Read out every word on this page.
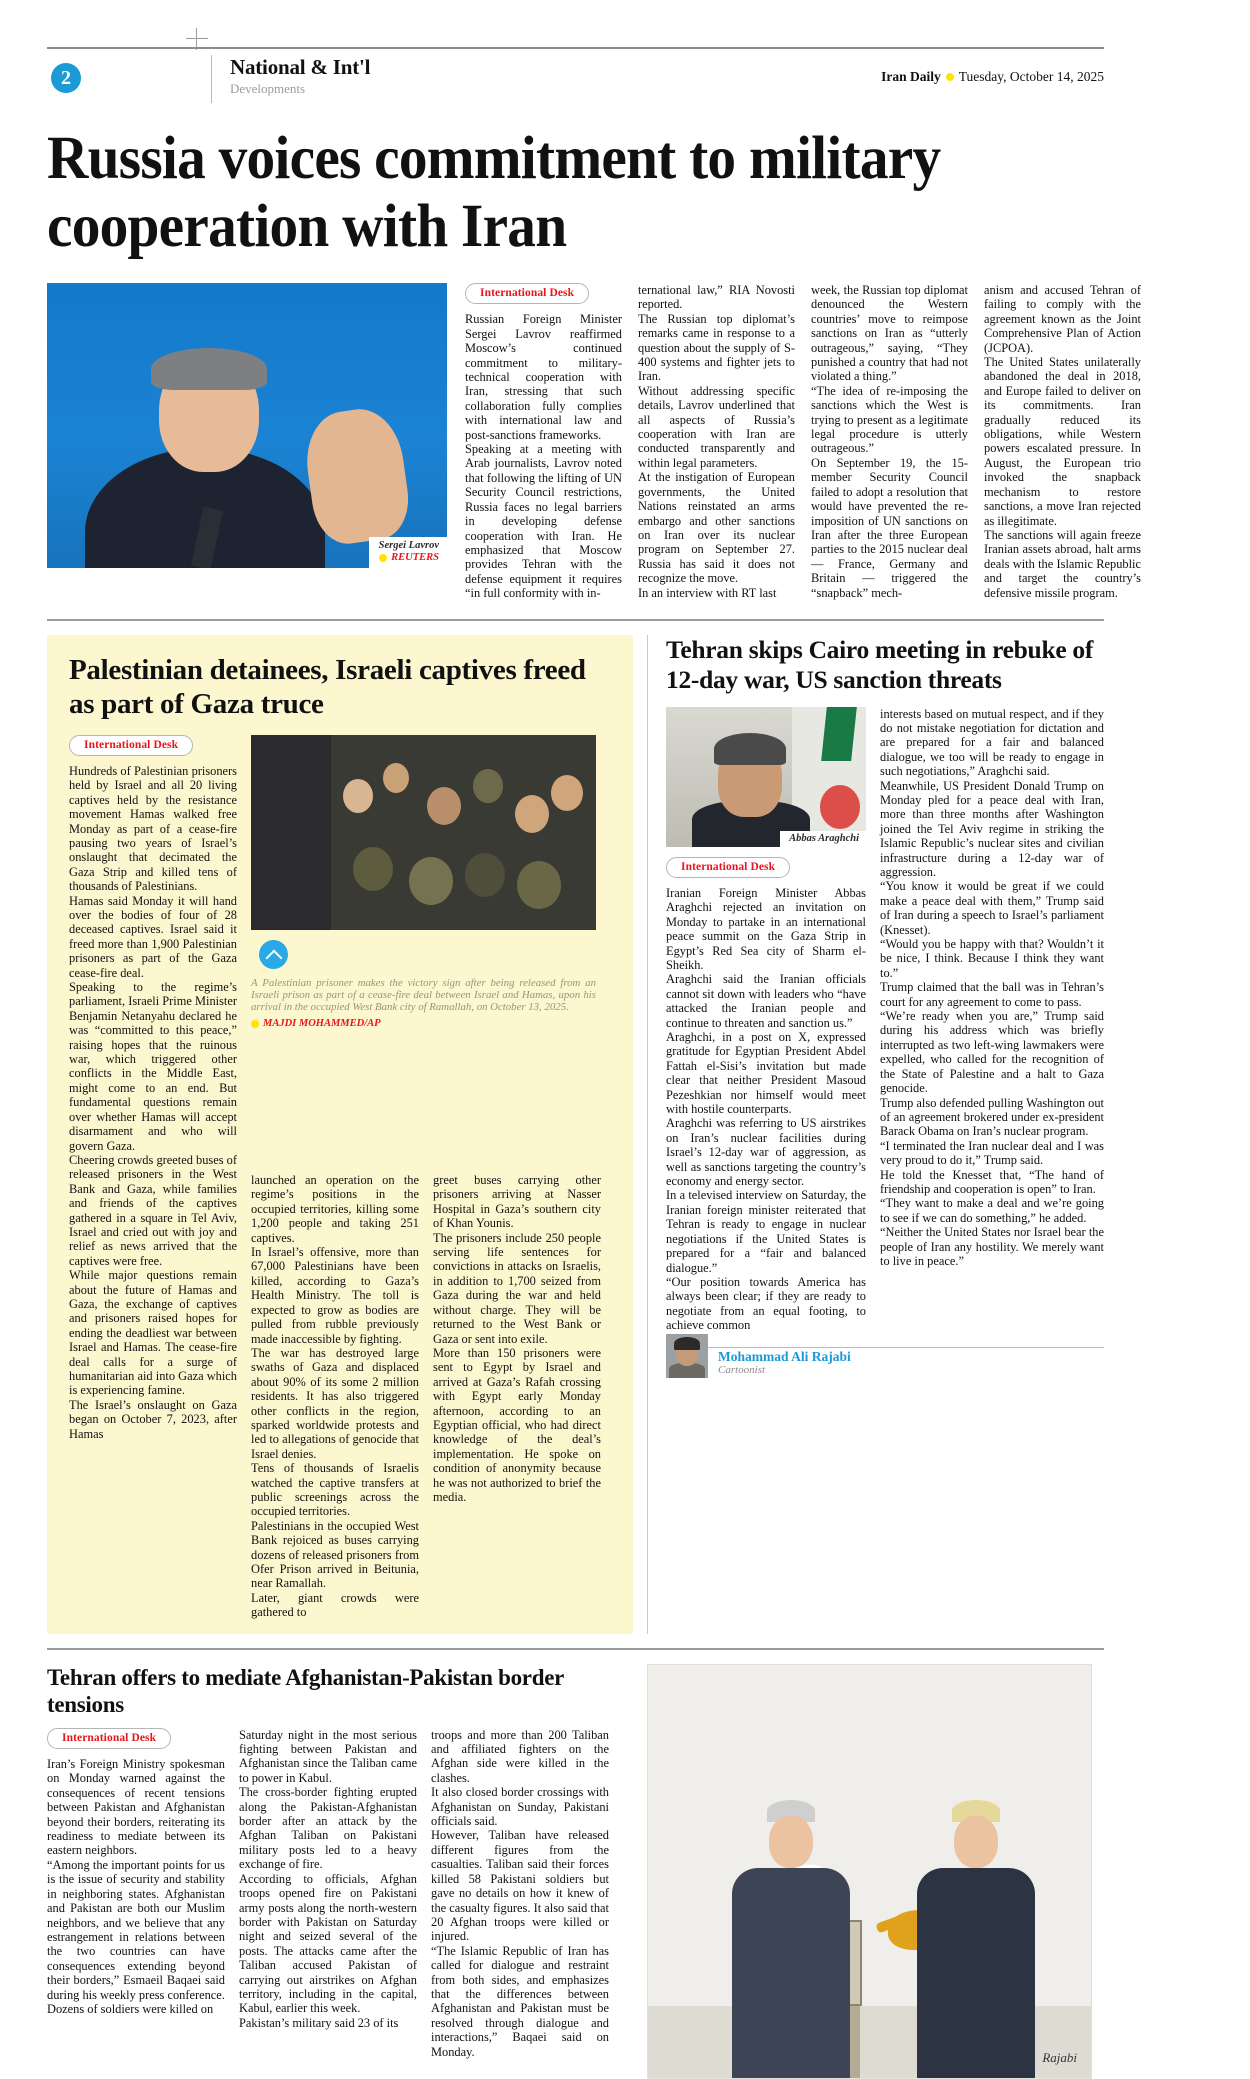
2	National & Int'l
Developments
Iran Daily Tuesday, October 14, 2025
Russia voices commitment to military cooperation with Iran
Sergei Lavrov
REUTERS
International Desk

Russian Foreign Minister Sergei Lavrov reaffirmed Moscow’s continued commitment to military-technical cooperation with Iran, stressing that such collaboration fully complies with international law and post-sanctions frameworks.
Speaking at a meeting with Arab journalists, Lavrov noted that following the lifting of UN Security Council restrictions, Russia faces no legal barriers in developing defense cooperation with Iran. He emphasized that Moscow provides Tehran with the defense equipment it requires “in full conformity with in-

ternational law,” RIA Novosti reported.
The Russian top diplomat’s remarks came in response to a question about the supply of S-400 systems and fighter jets to Iran.
Without addressing specific details, Lavrov underlined that all aspects of Russia’s cooperation with Iran are conducted transparently and within legal parameters.
At the instigation of European governments, the United Nations reinstated an arms embargo and other sanctions on Iran over its nuclear program on September 27. Russia has said it does not recognize the move.
In an interview with RT last

week, the Russian top diplomat denounced the Western countries’ move to reimpose sanctions on Iran as “utterly outrageous,” saying, “They punished a country that had not violated a thing.”
“The idea of re-imposing the sanctions which the West is trying to present as a legitimate legal procedure is utterly outrageous.”
On September 19, the 15-member Security Council failed to adopt a resolution that would have prevented the re-imposition of UN sanctions on Iran after the three European parties to the 2015 nuclear deal — France, Germany and Britain — triggered the “snapback” mech-

anism and accused Tehran of failing to comply with the agreement known as the Joint Comprehensive Plan of Action (JCPOA).
The United States unilaterally abandoned the deal in 2018, and Europe failed to deliver on its commitments. Iran gradually reduced its obligations, while Western powers escalated pressure. In August, the European trio invoked the snapback mechanism to restore sanctions, a move Iran rejected as illegitimate.
The sanctions will again freeze Iranian assets abroad, halt arms deals with the Islamic Republic and target the country’s defensive missile program.

Palestinian detainees, Israeli captives freed as part of Gaza truce
International Desk

Hundreds of Palestinian prisoners held by Israel and all 20 living captives held by the resistance movement Hamas walked free Monday as part of a cease-fire pausing two years of Israel’s onslaught that decimated the Gaza Strip and killed tens of thousands of Palestinians.
Hamas said Monday it will hand over the bodies of four of 28 deceased captives. Israel said it freed more than 1,900 Palestinian prisoners as part of the Gaza cease-fire deal.
Speaking to the regime’s parliament, Israeli Prime Minister Benjamin Netanyahu declared he was “committed to this peace,” raising hopes that the ruinous war, which triggered other conflicts in the Middle East, might come to an end. But fundamental questions remain over whether Hamas will accept disarmament and who will govern Gaza.
Cheering crowds greeted buses of released prisoners in the West Bank and Gaza, while families and friends of the captives gathered in a square in Tel Aviv, Israel and cried out with joy and relief as news arrived that the captives were free.
While major questions remain about the future of Hamas and Gaza, the exchange of captives and prisoners raised hopes for ending the deadliest war between Israel and Hamas. The cease-fire deal calls for a surge of humanitarian aid into Gaza which is experiencing famine.
The Israel’s onslaught on Gaza began on October 7, 2023, after Hamas

A Palestinian prisoner makes the victory sign after being released from an Israeli prison as part of a cease-fire deal between Israel and Hamas, upon his arrival in the occupied West Bank city of Ramallah, on October 13, 2025.
MAJDI MOHAMMED/AP

launched an operation on the regime’s positions in the occupied territories, killing some 1,200 people and taking 251 captives.
In Israel’s offensive, more than 67,000 Palestinians have been killed, according to Gaza’s Health Ministry. The toll is expected to grow as bodies are pulled from rubble previously made inaccessible by fighting.
The war has destroyed large swaths of Gaza and displaced about 90% of its some 2 million residents. It has also triggered other conflicts in the region, sparked worldwide protests and led to allegations of genocide that Israel denies.
Tens of thousands of Israelis watched the captive transfers at public screenings across the occupied territories.
Palestinians in the occupied West Bank rejoiced as buses carrying dozens of released prisoners from Ofer Prison arrived in Beitunia, near Ramallah.
Later, giant crowds were gathered to

greet buses carrying other prisoners arriving at Nasser Hospital in Gaza’s southern city of Khan Younis.
The prisoners include 250 people serving life sentences for convictions in attacks on Israelis, in addition to 1,700 seized from Gaza during the war and held without charge. They will be returned to the West Bank or Gaza or sent into exile.
More than 150 prisoners were sent to Egypt by Israel and arrived at Gaza’s Rafah crossing with Egypt early Monday afternoon, according to an Egyptian official, who had direct knowledge of the deal’s implementation. He spoke on condition of anonymity because he was not authorized to brief the media.

Tehran skips Cairo meeting in rebuke of 12-day war, US sanction threats
Abbas Araghchi
International Desk

Iranian Foreign Minister Abbas Araghchi rejected an invitation on Monday to partake in an international peace summit on the Gaza Strip in Egypt’s Red Sea city of Sharm el-Sheikh.
Araghchi said the Iranian officials cannot sit down with leaders who “have attacked the Iranian people and continue to threaten and sanction us.”
Araghchi, in a post on X, expressed gratitude for Egyptian President Abdel Fattah el-Sisi’s invitation but made clear that neither President Masoud Pezeshkian nor himself would meet with hostile counterparts.
Araghchi was referring to US airstrikes on Iran’s nuclear facilities during Israel’s 12-day war of aggression, as well as sanctions targeting the country’s economy and energy sector.
In a televised interview on Saturday, the Iranian foreign minister reiterated that Tehran is ready to engage in nuclear negotiations if the United States is prepared for a “fair and balanced dialogue.”
“Our position towards America has always been clear; if they are ready to negotiate from an equal footing, to achieve common

interests based on mutual respect, and if they do not mistake negotiation for dictation and are prepared for a fair and balanced dialogue, we too will be ready to engage in such negotiations,” Araghchi said.
Meanwhile, US President Donald Trump on Monday pled for a peace deal with Iran, more than three months after Washington joined the Tel Aviv regime in striking the Islamic Republic’s nuclear sites and civilian infrastructure during a 12-day war of aggression.
“You know it would be great if we could make a peace deal with them,” Trump said of Iran during a speech to Israel’s parliament (Knesset).
“Would you be happy with that? Wouldn’t it be nice, I think. Because I think they want to.”
Trump claimed that the ball was in Tehran’s court for any agreement to come to pass.
“We’re ready when you are,” Trump said during his address which was briefly interrupted as two left-wing lawmakers were expelled, who called for the recognition of the State of Palestine and a halt to Gaza genocide.
Trump also defended pulling Washington out of an agreement brokered under ex-president Barack Obama on Iran’s nuclear program.
“I terminated the Iran nuclear deal and I was very proud to do it,” Trump said.
He told the Knesset that, “The hand of friendship and cooperation is open” to Iran.
“They want to make a deal and we’re going to see if we can do something,” he added.
“Neither the United States nor Israel bear the people of Iran any hostility. We merely want to live in peace.”

Mohammad Ali Rajabi
Cartoonist
Tehran offers to mediate Afghanistan-Pakistan border tensions
International Desk

Iran’s Foreign Ministry spokesman on Monday warned against the consequences of recent tensions between Pakistan and Afghanistan beyond their borders, reiterating its readiness to mediate between its eastern neighbors.
“Among the important points for us is the issue of security and stability in neighboring states. Afghanistan and Pakistan are both our Muslim neighbors, and we believe that any estrangement in relations between the two countries can have consequences extending beyond their borders,” Esmaeil Baqaei said during his weekly press conference.
Dozens of soldiers were killed on

Saturday night in the most serious fighting between Pakistan and Afghanistan since the Taliban came to power in Kabul.
The cross-border fighting erupted along the Pakistan-Afghanistan border after an attack by the Afghan Taliban on Pakistani military posts led to a heavy exchange of fire.
According to officials, Afghan troops opened fire on Pakistani army posts along the north-western border with Pakistan on Saturday night and seized several of the posts. The attacks came after the Taliban accused Pakistan of carrying out airstrikes on Afghan territory, including in the capital, Kabul, earlier this week.
Pakistan’s military said 23 of its

troops and more than 200 Taliban and affiliated fighters on the Afghan side were killed in the clashes.
It also closed border crossings with Afghanistan on Sunday, Pakistani officials said.
However, Taliban have released different figures from the casualties. Taliban said their forces killed 58 Pakistani soldiers but gave no details on how it knew of the casualty figures. It also said that 20 Afghan troops were killed or injured.
“The Islamic Republic of Iran has called for dialogue and restraint from both sides, and emphasizes that the differences between Afghanistan and Pakistan must be resolved through dialogue and interactions,” Baqaei said on Monday.	Rajabi
